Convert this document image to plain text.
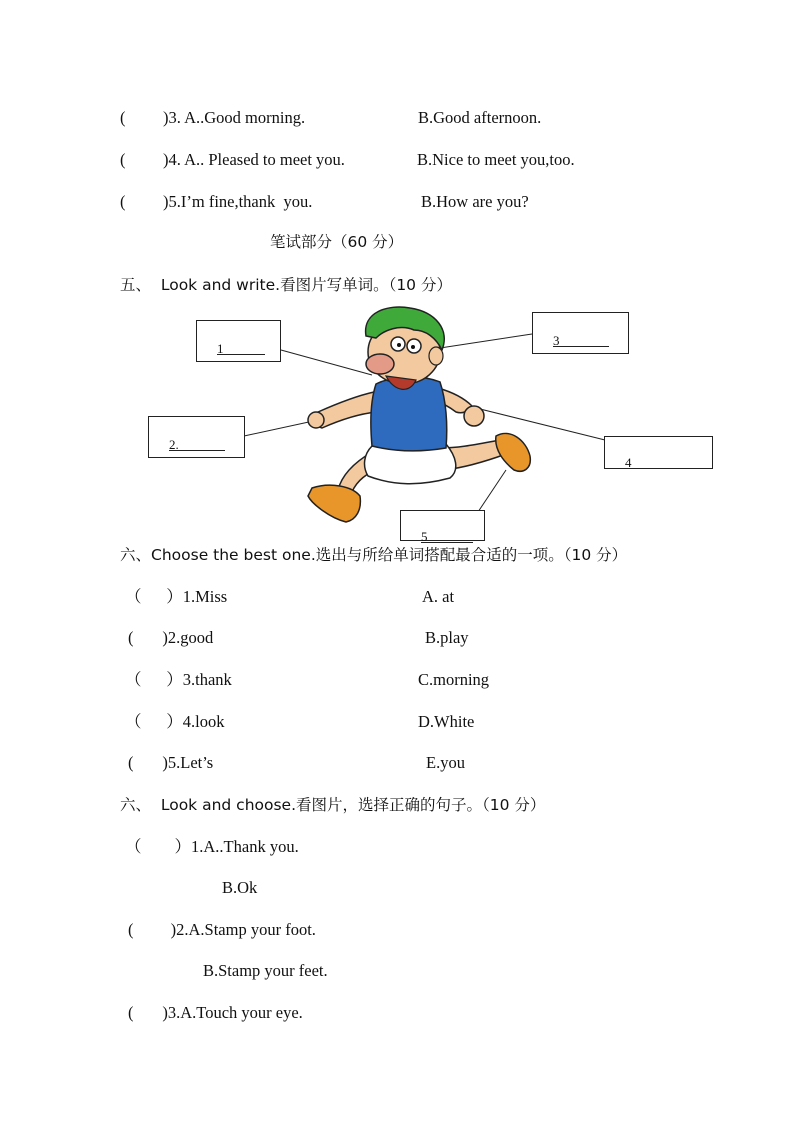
( )3. A..Good morning.	B.Good afternoon.
( )4. A.. Pleased to meet you.	B.Nice to meet you,too.
( )5.I’m fine,thank  you.	B.How are you?
笔试部分（60 分）
五、  Look and write.看图片写单词。（10 分）
1
2.
3
4
5
六、Choose the best one.选出与所给单词搭配最合适的一项。（10 分）
（      ）1.Miss	A. at
(       )2.good	B.play
（      ）3.thank	C.morning
（      ）4.look	D.White
(       )5.Let’s	E.you
六、  Look and choose.看图片，选择正确的句子。（10 分）
（        ）1.A..Thank you.
B.Ok
(         )2.A.Stamp your foot.
B.Stamp your feet.
(       )3.A.Touch your eye.
